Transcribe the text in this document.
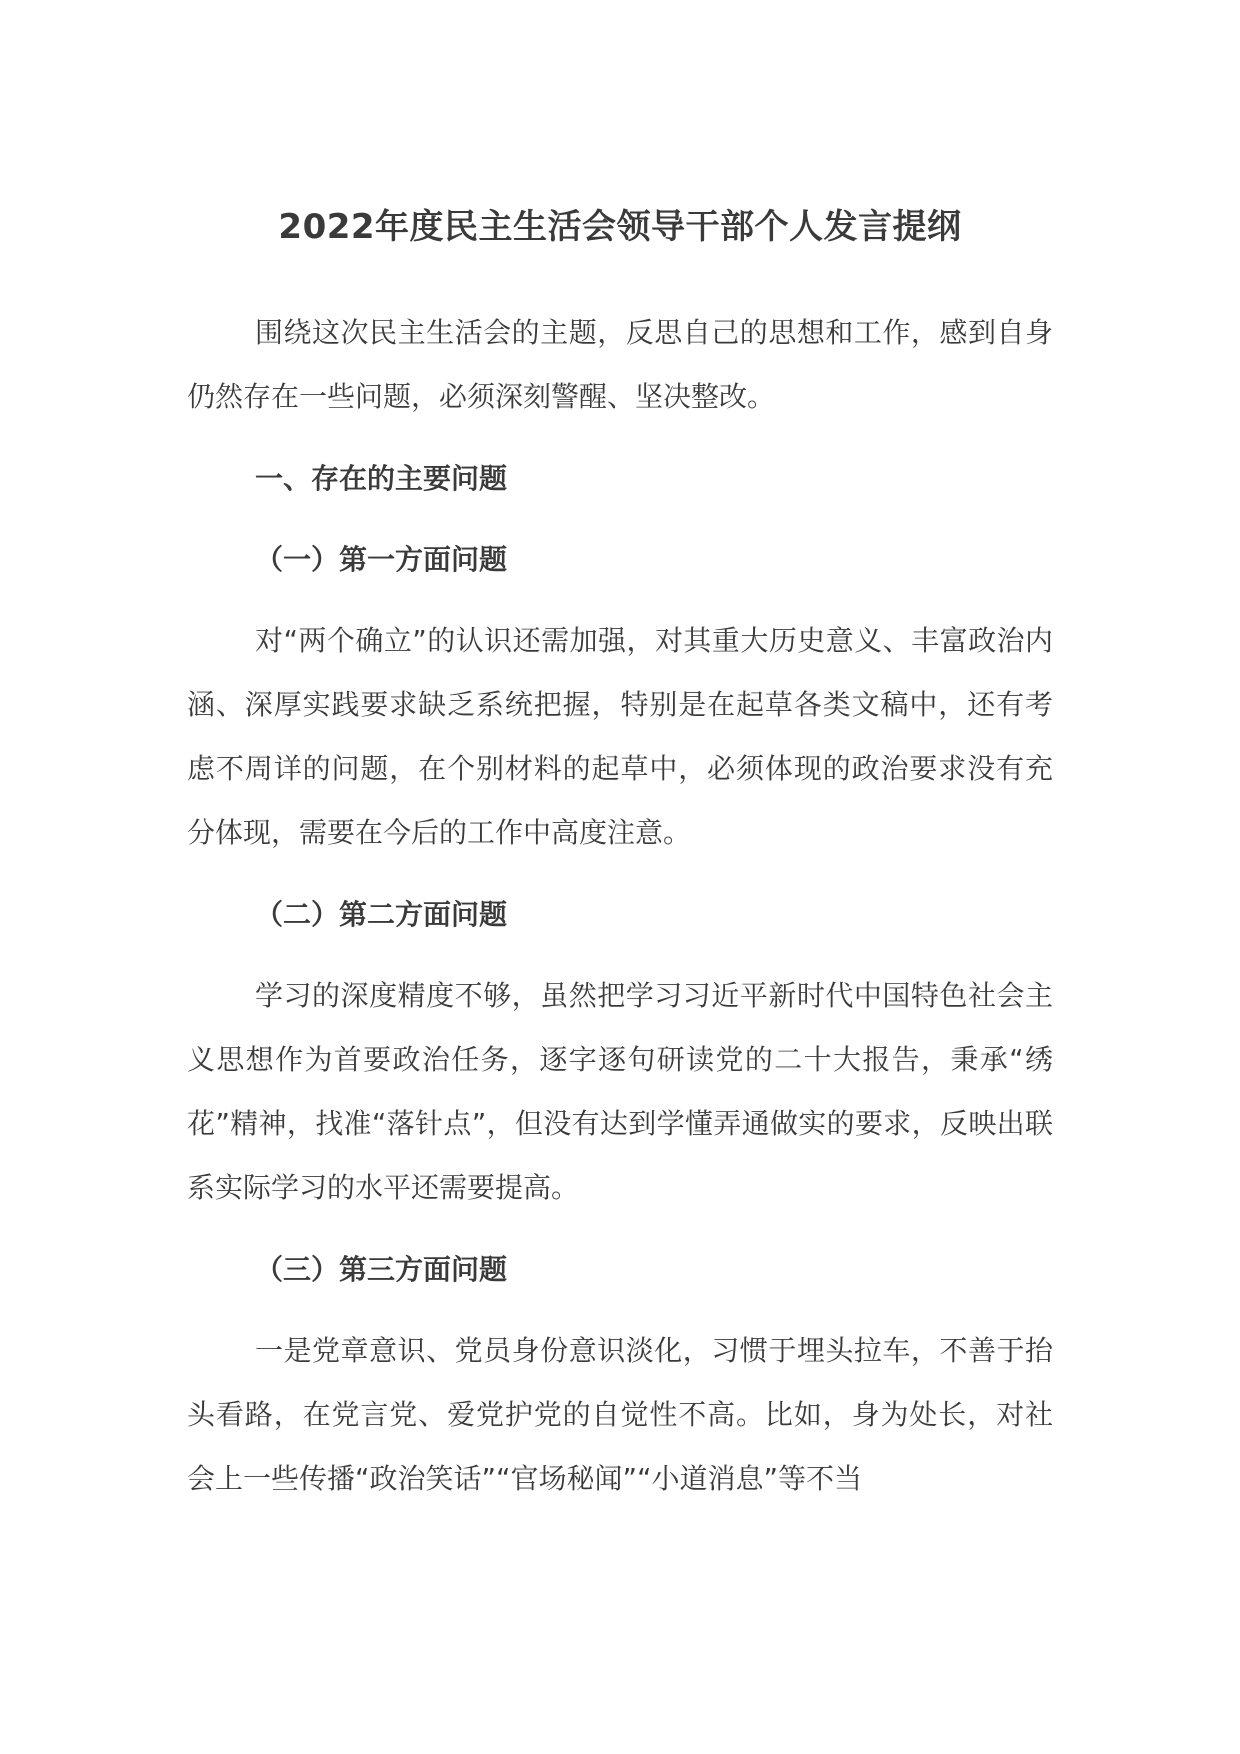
2022年度民主生活会领导干部个人发言提纲

围绕这次民主生活会的主题，反思自己的思想和工作，感到自身仍然存在一些问题，必须深刻警醒、坚决整改。

一、存在的主要问题

（一）第一方面问题

对“两个确立”的认识还需加强，对其重大历史意义、丰富政治内涵、深厚实践要求缺乏系统把握，特别是在起草各类文稿中，还有考虑不周详的问题，在个别材料的起草中，必须体现的政治要求没有充分体现，需要在今后的工作中高度注意。

（二）第二方面问题

学习的深度精度不够，虽然把学习习近平新时代中国特色社会主义思想作为首要政治任务，逐字逐句研读党的二十大报告，秉承“绣花”精神，找准“落针点”，但没有达到学懂弄通做实的要求，反映出联系实际学习的水平还需要提高。

（三）第三方面问题

一是党章意识、党员身份意识淡化，习惯于埋头拉车，不善于抬头看路，在党言党、爱党护党的自觉性不高。比如，身为处长，对社会上一些传播“政治笑话”“官场秘闻”“小道消息”等不当
